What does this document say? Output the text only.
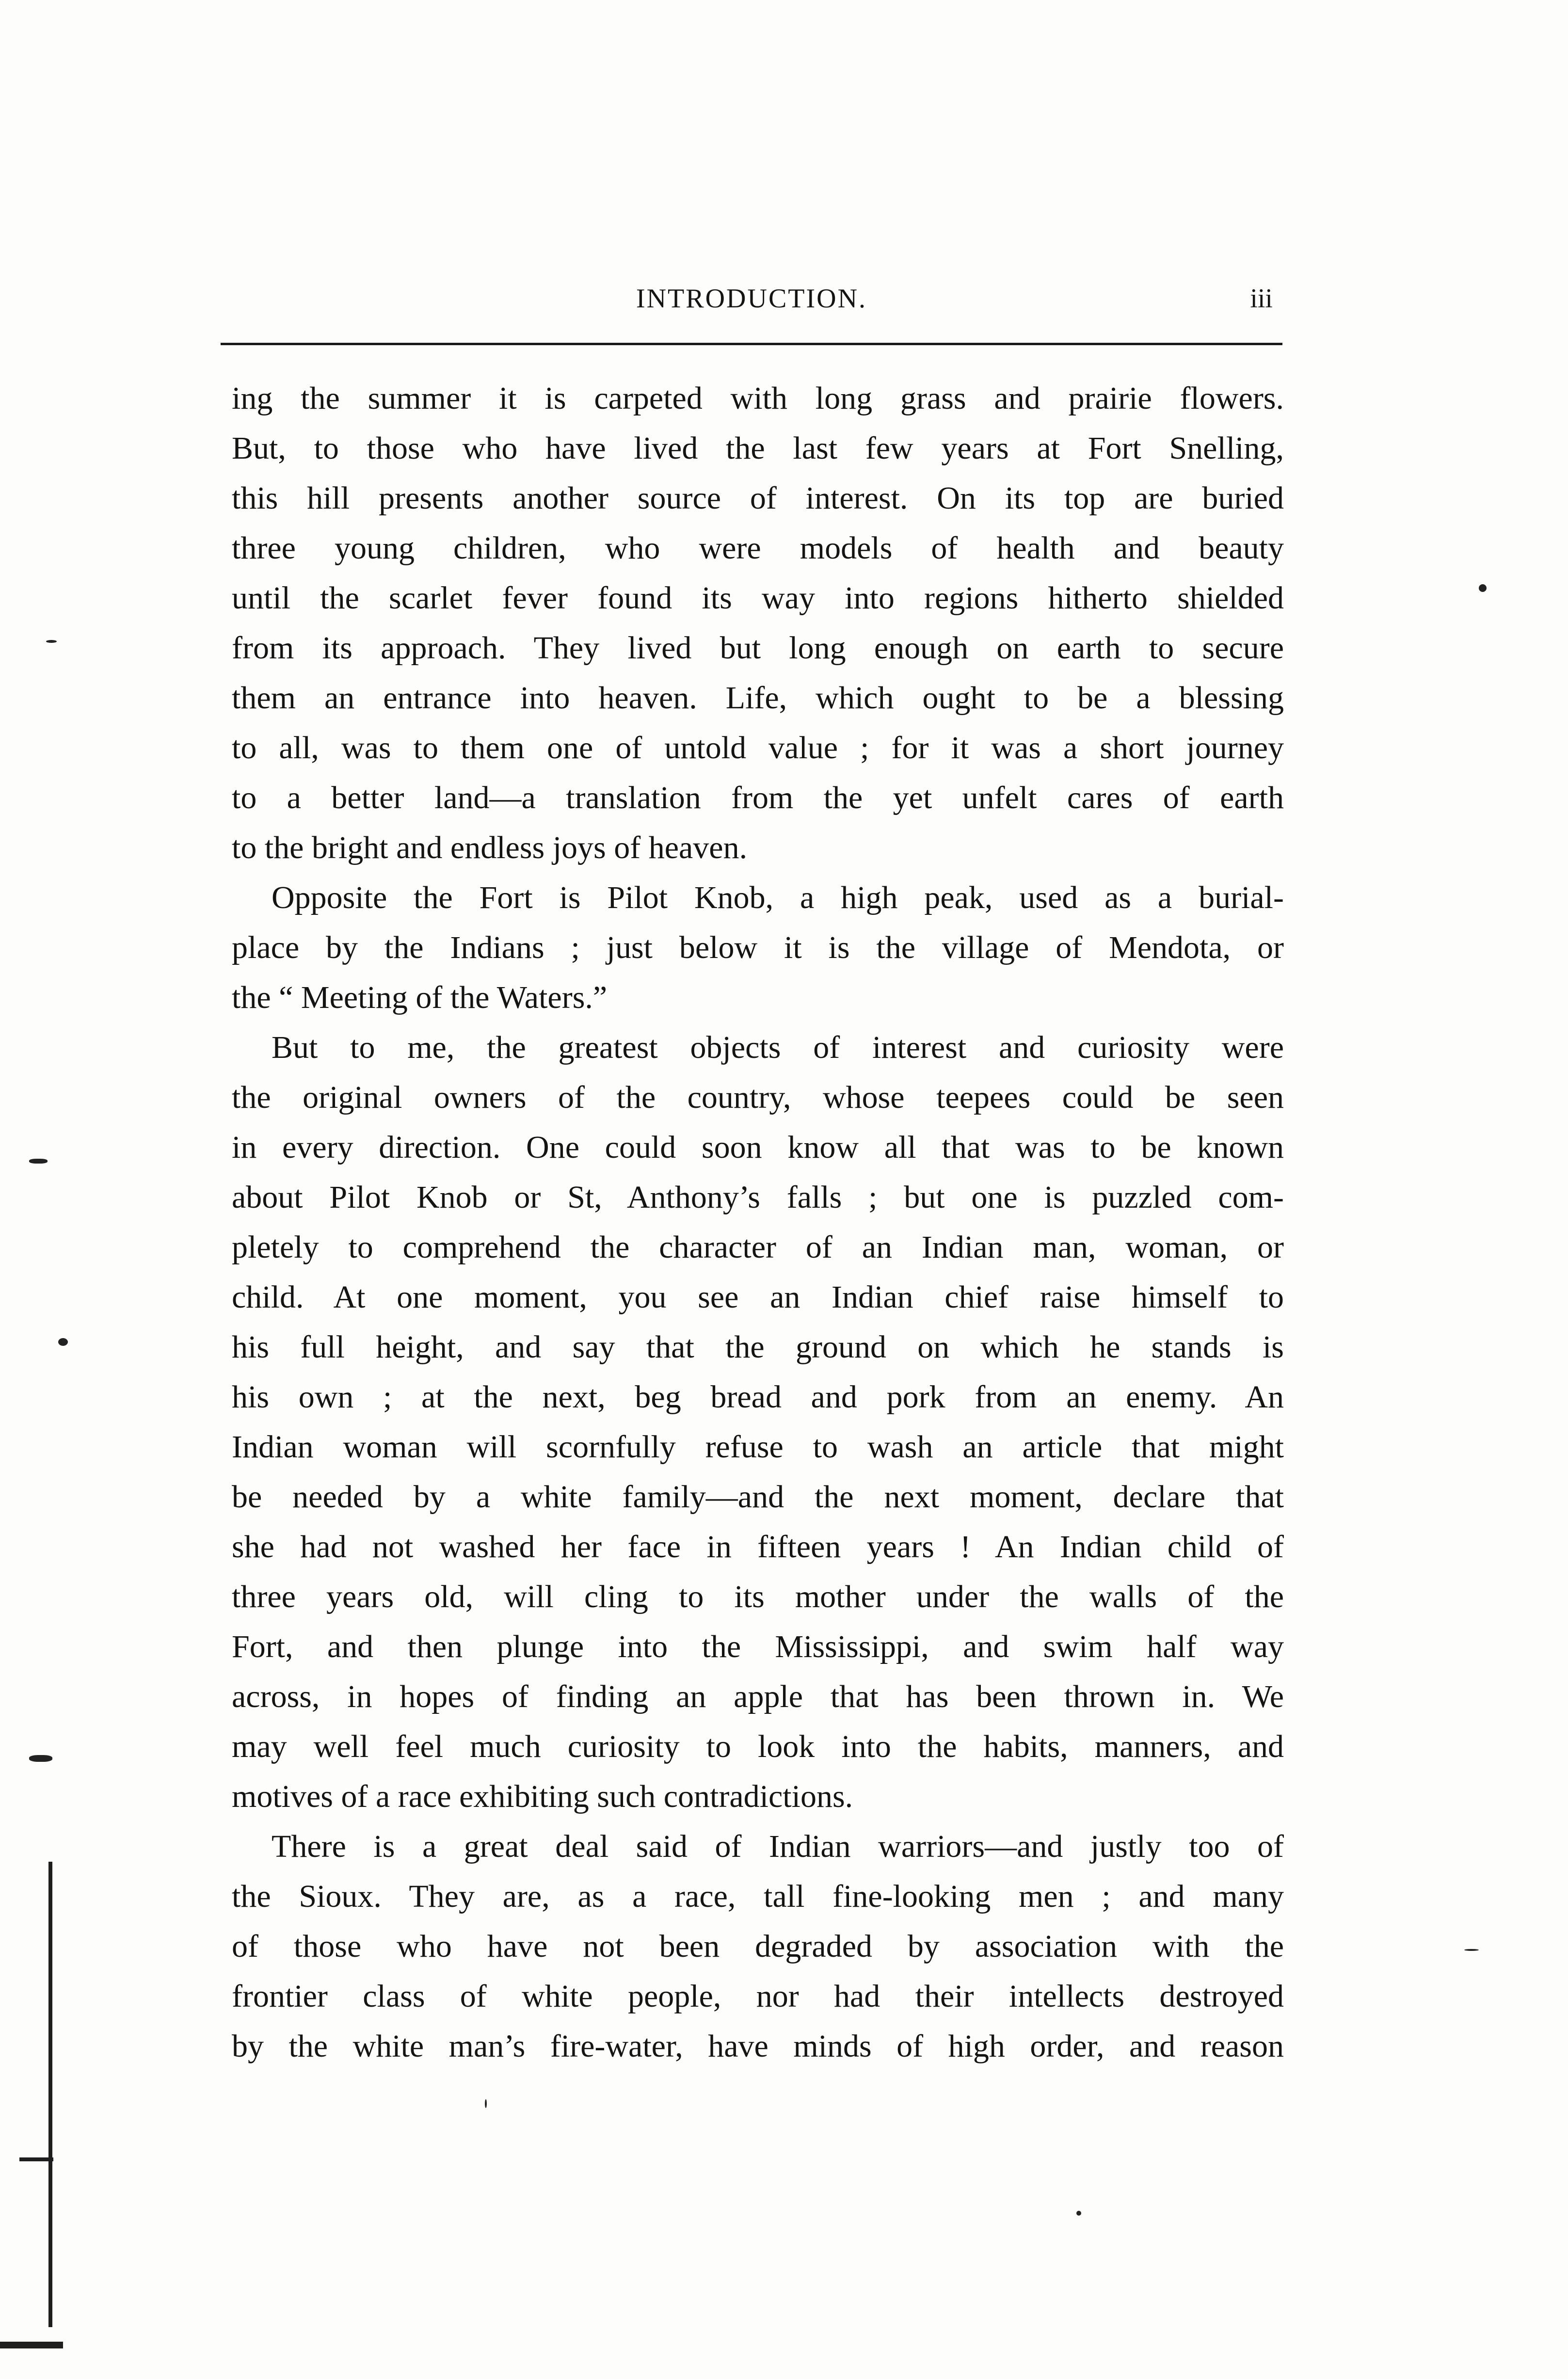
INTRODUCTION.	iii
ing the summer it is carpeted with long grass and prairie flowers.
But, to those who have lived the last few years at Fort Snelling,
this hill presents another source of interest. On its top are buried
three young children, who were models of health and beauty
until the scarlet fever found its way into regions hitherto shielded
from its approach. They lived but long enough on earth to secure
them an entrance into heaven. Life, which ought to be a blessing
to all, was to them one of untold value ; for it was a short journey
to a better land—a translation from the yet unfelt cares of earth
to the bright and endless joys of heaven.
Opposite the Fort is Pilot Knob, a high peak, used as a burial-
place by the Indians ; just below it is the village of Mendota, or
the “ Meeting of the Waters.”
But to me, the greatest objects of interest and curiosity were
the original owners of the country, whose teepees could be seen
in every direction. One could soon know all that was to be known
about Pilot Knob or St, Anthony’s falls ; but one is puzzled com-
pletely to comprehend the character of an Indian man, woman, or
child. At one moment, you see an Indian chief raise himself to
his full height, and say that the ground on which he stands is
his own ; at the next, beg bread and pork from an enemy. An
Indian woman will scornfully refuse to wash an article that might
be needed by a white family—and the next moment, declare that
she had not washed her face in fifteen years ! An Indian child of
three years old, will cling to its mother under the walls of the
Fort, and then plunge into the Mississippi, and swim half way
across, in hopes of finding an apple that has been thrown in. We
may well feel much curiosity to look into the habits, manners, and
motives of a race exhibiting such contradictions.
There is a great deal said of Indian warriors—and justly too of
the Sioux. They are, as a race, tall fine-looking men ; and many
of those who have not been degraded by association with the
frontier class of white people, nor had their intellects destroyed
by the white man’s fire-water, have minds of high order, and reason
